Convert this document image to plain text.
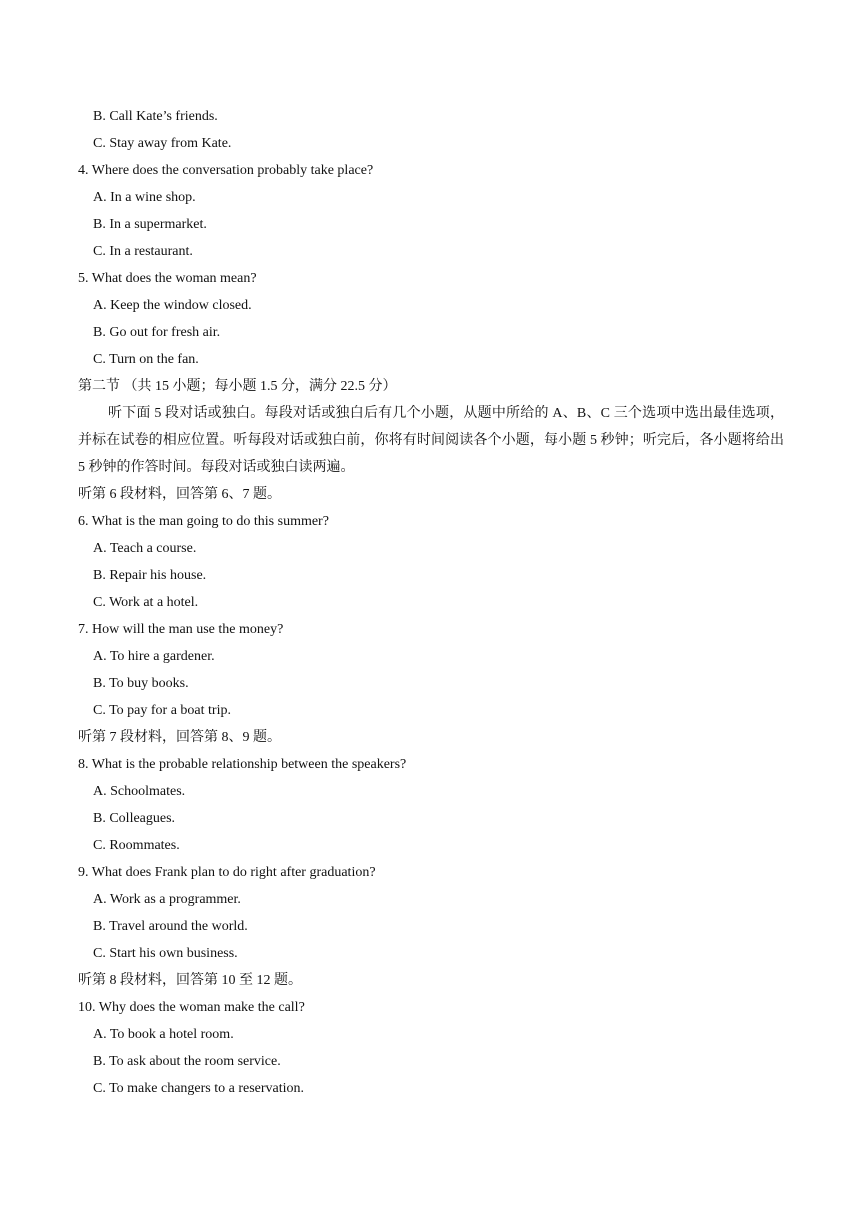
B. Call Kate’s friends.
C. Stay away from Kate.
4. Where does the conversation probably take place?
A. In a wine shop.
B. In a supermarket.
C. In a restaurant.
5. What does the woman mean?
A. Keep the window closed.
B. Go out for fresh air.
C. Turn on the fan.
第二节 （共 15 小题；每小题 1.5 分，满分 22.5 分）
听下面 5 段对话或独白。每段对话或独白后有几个小题，从题中所给的 A、B、C 三个选项中选出最佳选项，并标在试卷的相应位置。听每段对话或独白前，你将有时间阅读各个小题，每小题 5 秒钟；听完后，各小题将给出 5 秒钟的作答时间。每段对话或独白读两遍。
听第 6 段材料，回答第 6、7 题。
6. What is the man going to do this summer?
A. Teach a course.
B. Repair his house.
C. Work at a hotel.
7. How will the man use the money?
A. To hire a gardener.
B. To buy books.
C. To pay for a boat trip.
听第 7 段材料，回答第 8、9 题。
8. What is the probable relationship between the speakers?
A. Schoolmates.
B. Colleagues.
C. Roommates.
9. What does Frank plan to do right after graduation?
A. Work as a programmer.
B. Travel around the world.
C. Start his own business.
听第 8 段材料，回答第 10 至 12 题。
10. Why does the woman make the call?
A. To book a hotel room.
B. To ask about the room service.
C. To make changers to a reservation.
